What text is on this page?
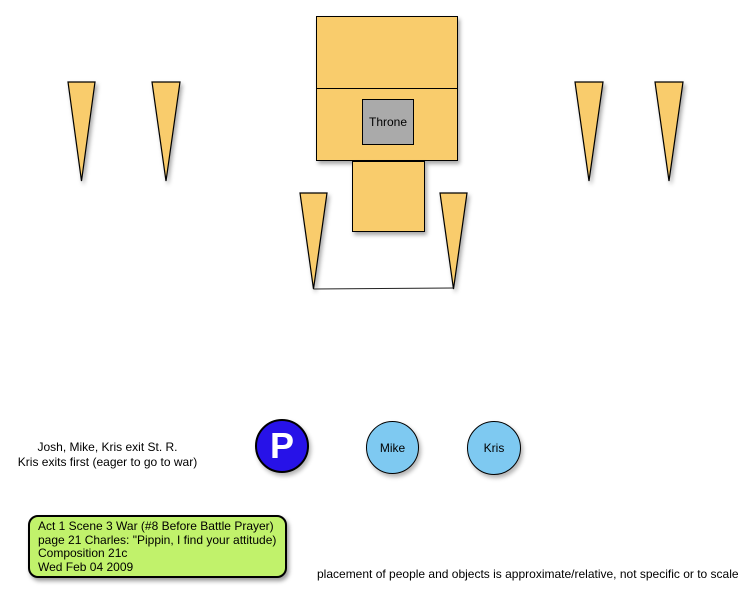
Throne
P	Mike	Kris
Josh, Mike, Kris exit St. R.
Kris exits first (eager to go to war)
Act 1 Scene 3 War (#8 Before Battle Prayer)
page 21 Charles: "Pippin, I find your attitude)
Composition 21c
Wed Feb 04 2009
placement of people and objects is approximate/relative, not specific or to scale
